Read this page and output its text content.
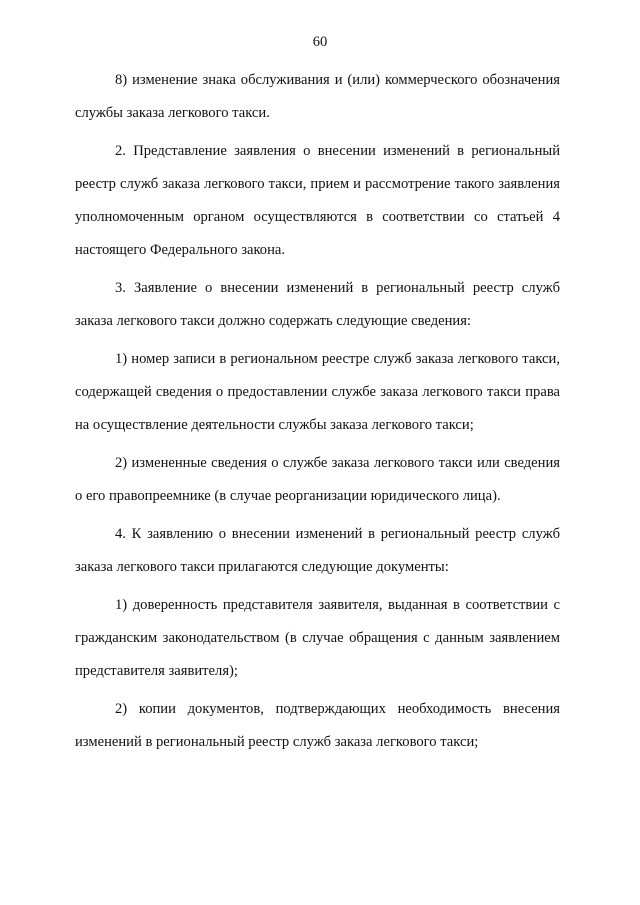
60

8) изменение знака обслуживания и (или) коммерческого обозначения службы заказа легкового такси.

2. Представление заявления о внесении изменений в региональный реестр служб заказа легкового такси, прием и рассмотрение такого заявления уполномоченным органом осуществляются в соответствии со статьей 4 настоящего Федерального закона.

3. Заявление о внесении изменений в региональный реестр служб заказа легкового такси должно содержать следующие сведения:

1) номер записи в региональном реестре служб заказа легкового такси, содержащей сведения о предоставлении службе заказа легкового такси права на осуществление деятельности службы заказа легкового такси;

2) измененные сведения о службе заказа легкового такси или сведения о его правопреемнике (в случае реорганизации юридического лица).

4. К заявлению о внесении изменений в региональный реестр служб заказа легкового такси прилагаются следующие документы:

1) доверенность представителя заявителя, выданная в соответствии с гражданским законодательством (в случае обращения с данным заявлением представителя заявителя);

2) копии документов, подтверждающих необходимость внесения изменений в региональный реестр служб заказа легкового такси;
